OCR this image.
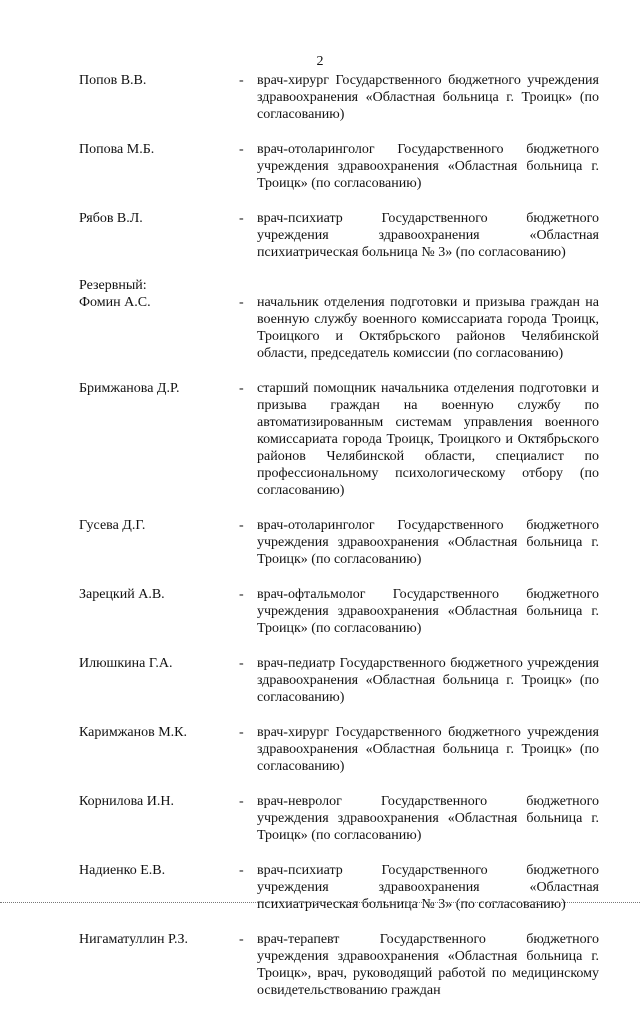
2
Попов В.В.	- врач-хирург Государственного бюджетного учреждения здравоохранения «Областная больница г. Троицк» (по согласованию)
Попова М.Б.	- врач-отоларинголог Государственного бюджетного учреждения здравоохранения «Областная больница г. Троицк» (по согласованию)
Рябов В.Л.	- врач-психиатр Государственного бюджетного учреждения здравоохранения «Областная психиатрическая больница № 3» (по согласованию)
Резервный:
Фомин А.С.	- начальник отделения подготовки и призыва граждан на военную службу военного комиссариата города Троицк, Троицкого и Октябрьского районов Челябинской области, председатель комиссии (по согласованию)
Бримжанова Д.Р.	- старший помощник начальника отделения подготовки и призыва граждан на военную службу по автоматизированным системам управления военного комиссариата города Троицк, Троицкого и Октябрьского районов Челябинской области, специалист по профессиональному психологическому отбору (по согласованию)
Гусева Д.Г.	- врач-отоларинголог Государственного бюджетного учреждения здравоохранения «Областная больница г. Троицк» (по согласованию)
Зарецкий А.В.	- врач-офтальмолог Государственного бюджетного учреждения здравоохранения «Областная больница г. Троицк» (по согласованию)
Илюшкина Г.А.	- врач-педиатр Государственного бюджетного учреждения здравоохранения «Областная больница г. Троицк» (по согласованию)
Каримжанов М.К.	- врач-хирург Государственного бюджетного учреждения здравоохранения «Областная больница г. Троицк» (по согласованию)
Корнилова И.Н.	- врач-невролог Государственного бюджетного учреждения здравоохранения «Областная больница г. Троицк» (по согласованию)
Надиенко Е.В.	- врач-психиатр Государственного бюджетного учреждения здравоохранения «Областная психиатрическая больница № 3» (по согласованию)
Нигаматуллин Р.З.	- врач-терапевт Государственного бюджетного учреждения здравоохранения «Областная больница г. Троицк», врач, руководящий работой по медицинскому освидетельствованию граждан
